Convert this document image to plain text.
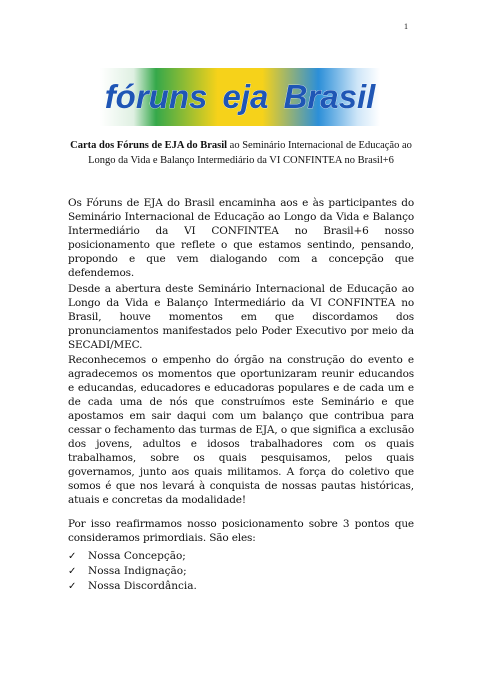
1
fóruns eja Brasil
Carta dos Fóruns de EJA do Brasil ao Seminário Internacional de Educação ao Longo da Vida e Balanço Intermediário da VI CONFINTEA no Brasil+6
Os Fóruns de EJA do Brasil encaminha aos e às participantes do Seminário Internacional de Educação ao Longo da Vida e Balanço Intermediário da VI CONFINTEA no Brasil+6 nosso posicionamento que reflete o que estamos sentindo, pensando, propondo e que vem dialogando com a concepção que defendemos.
Desde a abertura deste Seminário Internacional de Educação ao Longo da Vida e Balanço Intermediário da VI CONFINTEA no Brasil, houve momentos em que discordamos dos pronunciamentos manifestados pelo Poder Executivo por meio da SECADI/MEC.
Reconhecemos o empenho do órgão na construção do evento e agradecemos os momentos que oportunizaram reunir educandos e educandas, educadores e educadoras populares e de cada um e de cada uma de nós que construímos este Seminário e que apostamos em sair daqui com um balanço que contribua para cessar o fechamento das turmas de EJA, o que significa a exclusão dos jovens, adultos e idosos trabalhadores com os quais trabalhamos, sobre os quais pesquisamos, pelos quais governamos, junto aos quais militamos. A força do coletivo que somos é que nos levará à conquista de nossas pautas históricas, atuais e concretas da modalidade!
Por isso reafirmamos nosso posicionamento sobre 3 pontos que consideramos primordiais. São eles:
✓	Nossa Concepção;
✓	Nossa Indignação;
✓	Nossa Discordância.
